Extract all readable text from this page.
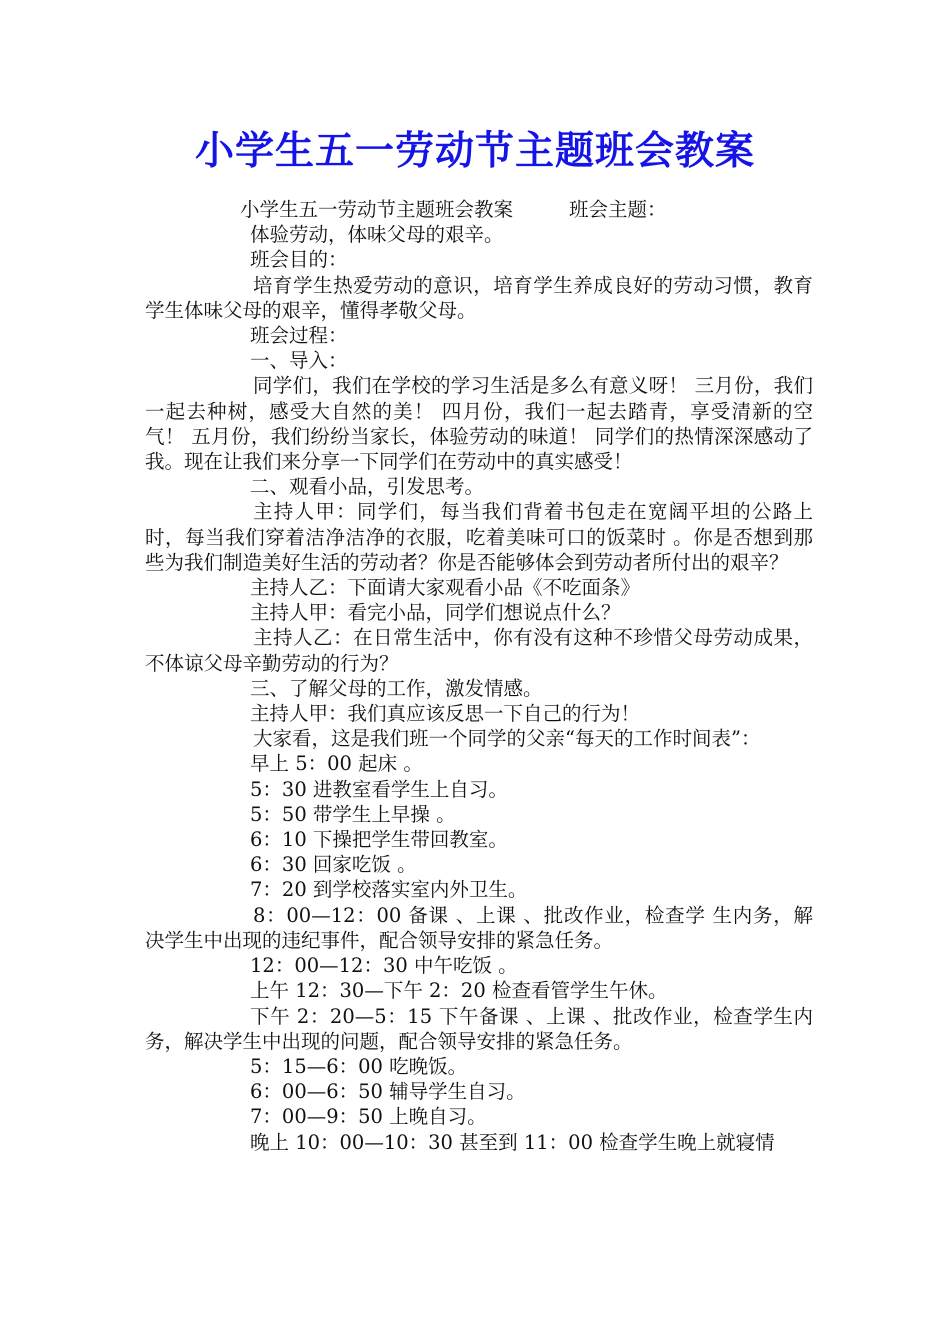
小学生五一劳动节主题班会教案

小学生五一劳动节主题班会教案	班会主题：

体验劳动，体味父母的艰辛。

班会目的：

培育学生热爱劳动的意识，培育学生养成良好的劳动习惯，教育学生体味父母的艰辛，懂得孝敬父母。

班会过程：

一、导入：

同学们，我们在学校的学习生活是多么有意义呀！ 三月份，我们一起去种树，感受大自然的美！ 四月份，我们一起去踏青，享受清新的空气！ 五月份，我们纷纷当家长，体验劳动的味道！ 同学们的热情深深感动了我。现在让我们来分享一下同学们在劳动中的真实感受！

二、观看小品，引发思考。

主持人甲：同学们，每当我们背着书包走在宽阔平坦的公路上时，每当我们穿着洁净洁净的衣服，吃着美味可口的饭菜时 。你是否想到那些为我们制造美好生活的劳动者？你是否能够体会到劳动者所付出的艰辛？

主持人乙：下面请大家观看小品《不吃面条》

主持人甲：看完小品，同学们想说点什么？

主持人乙：在日常生活中，你有没有这种不珍惜父母劳动成果，不体谅父母辛勤劳动的行为？

三、了解父母的工作，激发情感。

主持人甲：我们真应该反思一下自己的行为！

大家看，这是我们班一个同学的父亲“每天的工作时间表”：

早上 5：00 起床 。

5：30 进教室看学生上自习。

5：50 带学生上早操 。

6：10 下操把学生带回教室。

6：30 回家吃饭 。

7：20 到学校落实室内外卫生。

8：00—12：00 备课 、上课 、批改作业，检查学 生内务，解决学生中出现的违纪事件，配合领导安排的紧急任务。

12：00—12：30 中午吃饭 。

上午 12：30—下午 2：20 检查看管学生午休。

下午 2：20—5：15 下午备课 、上课 、批改作业，检查学生内务，解决学生中出现的问题，配合领导安排的紧急任务。

5：15—6：00 吃晚饭。

6：00—6：50 辅导学生自习。

7：00—9：50 上晚自习。

晚上 10：00—10：30 甚至到 11：00 检查学生晚上就寝情
